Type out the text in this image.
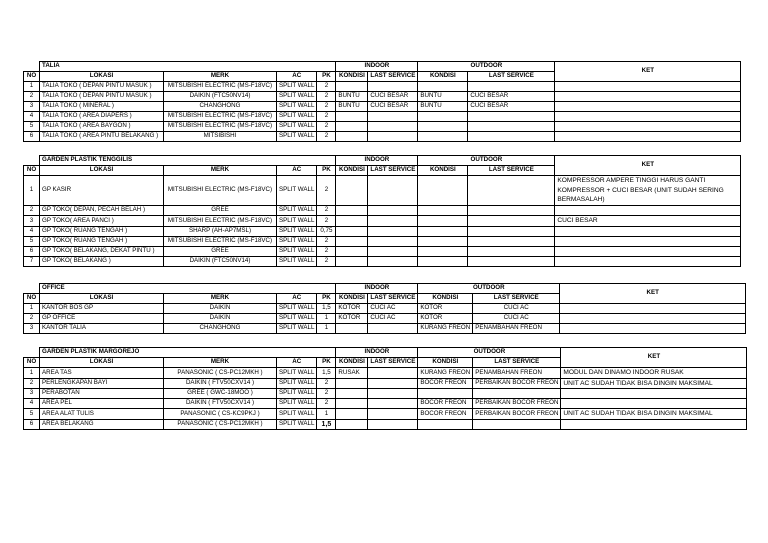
	TALIA				INDOOR		OUTDOOR		KET
NO	LOKASI	MERK	AC	PK	KONDISI	LAST SERVICE	KONDISI	LAST SERVICE	
1	TALIA TOKO ( DEPAN PINTU MASUK )	MITSUBISHI ELECTRIC (MS-F18VC)	SPLIT WALL	2					
2	TALIA TOKO ( DEPAN PINTU MASUK )	DAIKIN (FTC50NV14)	SPLIT WALL	2	BUNTU	CUCI BESAR	BUNTU	CUCI BESAR	
3	TALIA TOKO ( MINERAL )	CHANGHONG	SPLIT WALL	2	BUNTU	CUCI BESAR	BUNTU	CUCI BESAR	
4	TALIA TOKO ( AREA DIAPERS )	MITSUBISHI ELECTRIC (MS-F18VC)	SPLIT WALL	2					
5	TALIA TOKO ( AREA BAYGON )	MITSUBISHI ELECTRIC (MS-F18VC)	SPLIT WALL	2					
6	TALIA TOKO ( AREA PINTU BELAKANG )	MITSIBISHI	SPLIT WALL	2					
	GARDEN PLASTIK TENGGILIS				INDOOR		OUTDOOR		KET
NO	LOKASI	MERK	AC	PK	KONDISI	LAST SERVICE	KONDISI	LAST SERVICE	
1	GP KASIR	MITSUBISHI ELECTRIC (MS-F18VC)	SPLIT WALL	2					KOMPRESSOR AMPERE TINGGI HARUS GANTI KOMPRESSOR + CUCI BESAR (UNIT SUDAH SERING BERMASALAH)
2	GP TOKO( DEPAN, PECAH BELAH )	GREE	SPLIT WALL	2					
3	GP TOKO( AREA PANCI )	MITSUBISHI ELECTRIC (MS-F18VC)	SPLIT WALL	2					CUCI BESAR
4	GP TOKO( RUANG TENGAH )	SHARP (AH-AP7MSL)	SPLIT WALL	0,75					
5	GP TOKO( RUANG TENGAH )	MITSUBISHI ELECTRIC (MS-F18VC)	SPLIT WALL	2					
6	GP TOKO( BELAKANG, DEKAT PINTU )	GREE	SPLIT WALL	2					
7	GP TOKO( BELAKANG )	DAIKIN (FTC50NV14)	SPLIT WALL	2					
	OFFICE				INDOOR		OUTDOOR		KET
NO	LOKASI	MERK	AC	PK	KONDISI	LAST SERVICE	KONDISI	LAST SERVICE	
1	KANTOR BOS GP	DAIKIN	SPLIT WALL	1,5	KOTOR	CUCI AC	KOTOR	CUCI AC	
2	GP OFFICE	DAIKIN	SPLIT WALL	1	KOTOR	CUCI AC	KOTOR	CUCI AC	
3	KANTOR TALIA	CHANGHONG	SPLIT WALL	1			KURANG FREON	PENAMBAHAN FREON	
	GARDEN PLASTIK MARGOREJO				INDOOR		OUTDOOR		KET
NO	LOKASI	MERK	AC	PK	KONDISI	LAST SERVICE	KONDISI	LAST SERVICE	
1	AREA TAS	PANASONIC ( CS-PC12MKH )	SPLIT WALL	1,5	RUSAK		KURANG FREON	PENAMBAHAN FREON	MODUL DAN DINAMO INDOOR RUSAK
2	PERLENGKAPAN BAYI	DAIKIN ( FTV50CXV14 )	SPLIT WALL	2			BOCOR FREON	PERBAIKAN BOCOR FREON	UNIT AC SUDAH TIDAK BISA DINGIN MAKSIMAL
3	PERABOTAN	GREE ( GWC-18MOO )	SPLIT WALL	2					
4	AREA PEL	DAIKIN ( FTV50CXV14 )	SPLIT WALL	2			BOCOR FREON	PERBAIKAN BOCOR FREON	
5	AREA ALAT TULIS	PANASONIC ( CS-KC9PKJ )	SPLIT WALL	1			BOCOR FREON	PERBAIKAN BOCOR FREON	UNIT AC SUDAH TIDAK BISA DINGIN MAKSIMAL
6	AREA BELAKANG	PANASONIC ( CS-PC12MKH )	SPLIT WALL	1,5					
